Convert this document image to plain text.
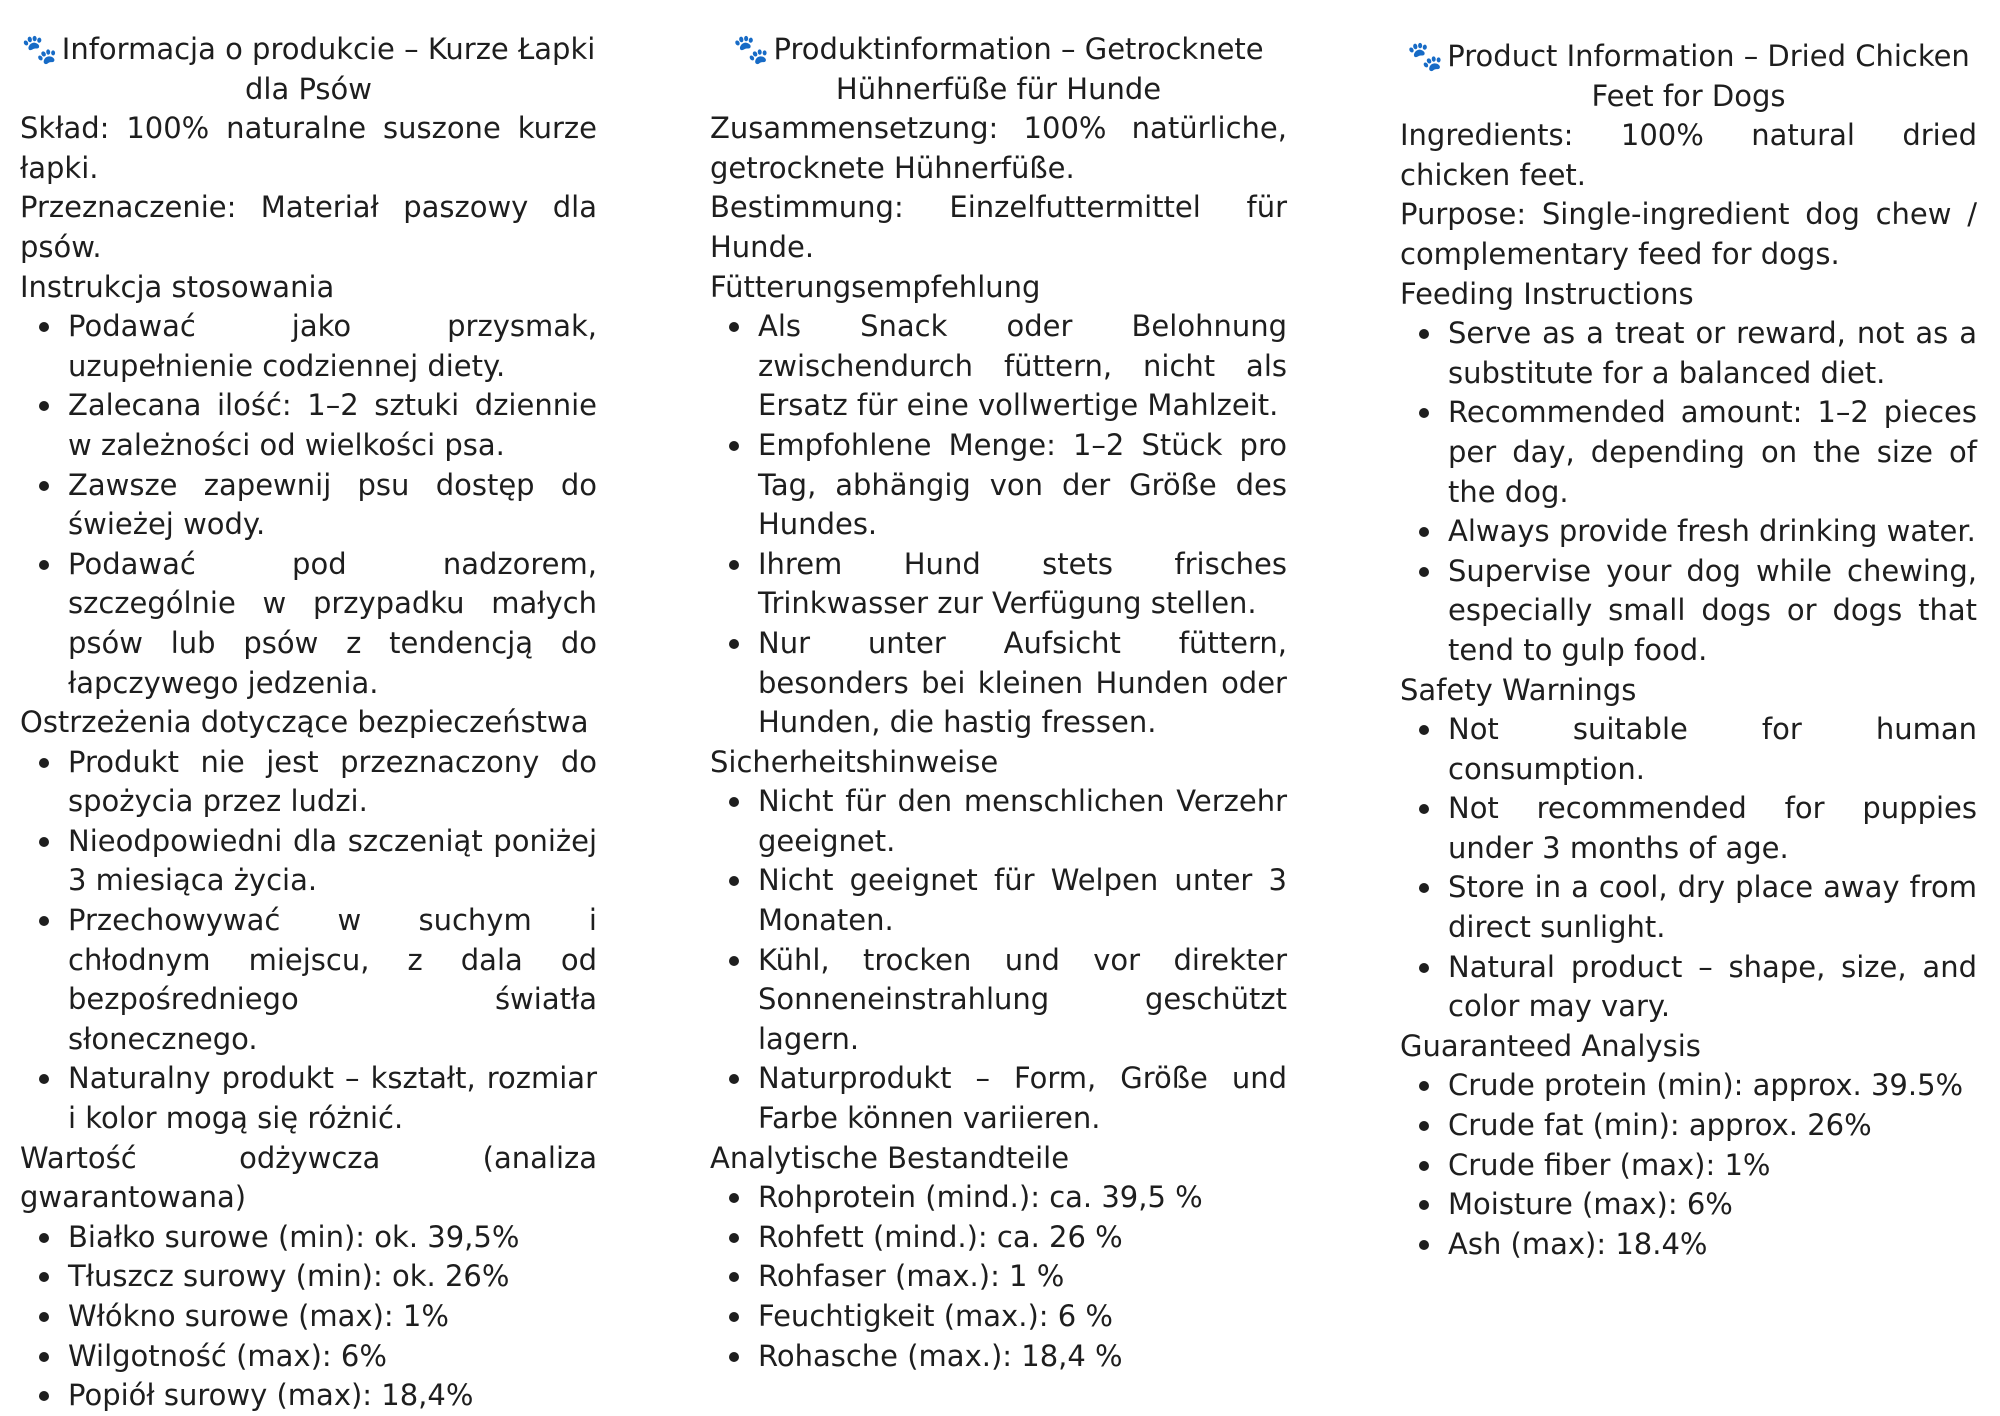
🐾 Informacja o produkcie – Kurze Łapki dla Psów

Skład: 100% naturalne suszone kurze łapki.

Przeznaczenie: Materiał paszowy dla psów.

Instrukcja stosowania

Podawać jako przysmak, uzupełnienie codziennej diety.
Zalecana ilość: 1–2 sztuki dziennie w zależności od wielkości psa.
Zawsze zapewnij psu dostęp do świeżej wody.
Podawać pod nadzorem, szczególnie w przypadku małych psów lub psów z tendencją do łapczywego jedzenia.

Ostrzeżenia dotyczące bezpieczeństwa

Produkt nie jest przeznaczony do spożycia przez ludzi.
Nieodpowiedni dla szczeniąt poniżej 3 miesiąca życia.
Przechowywać w suchym i chłodnym miejscu, z dala od bezpośredniego światła słonecznego.
Naturalny produkt – kształt, rozmiar i kolor mogą się różnić.

Wartość odżywcza (analiza gwarantowana)

Białko surowe (min): ok. 39,5%
Tłuszcz surowy (min): ok. 26%
Włókno surowe (max): 1%
Wilgotność (max): 6%
Popiół surowy (max): 18,4%
🐾 Produktinformation – Getrocknete Hühnerfüße für Hunde

Zusammensetzung: 100% natürliche, getrocknete Hühnerfüße.

Bestimmung: Einzelfuttermittel für Hunde.

Fütterungsempfehlung

Als Snack oder Belohnung zwischendurch füttern, nicht als Ersatz für eine vollwertige Mahlzeit.
Empfohlene Menge: 1–2 Stück pro Tag, abhängig von der Größe des Hundes.
Ihrem Hund stets frisches Trinkwasser zur Verfügung stellen.
Nur unter Aufsicht füttern, besonders bei kleinen Hunden oder Hunden, die hastig fressen.

Sicherheitshinweise

Nicht für den menschlichen Verzehr geeignet.
Nicht geeignet für Welpen unter 3 Monaten.
Kühl, trocken und vor direkter Sonneneinstrahlung geschützt lagern.
Naturprodukt – Form, Größe und Farbe können variieren.

Analytische Bestandteile

Rohprotein (mind.): ca. 39,5 %
Rohfett (mind.): ca. 26 %
Rohfaser (max.): 1 %
Feuchtigkeit (max.): 6 %
Rohasche (max.): 18,4 %
🐾 Product Information – Dried Chicken Feet for Dogs

Ingredients: 100% natural dried chicken feet.

Purpose: Single-ingredient dog chew / complementary feed for dogs.

Feeding Instructions

Serve as a treat or reward, not as a substitute for a balanced diet.
Recommended amount: 1–2 pieces per day, depending on the size of the dog.
Always provide fresh drinking water.
Supervise your dog while chewing, especially small dogs or dogs that tend to gulp food.

Safety Warnings

Not suitable for human consumption.
Not recommended for puppies under 3 months of age.
Store in a cool, dry place away from direct sunlight.
Natural product – shape, size, and color may vary.

Guaranteed Analysis

Crude protein (min): approx. 39.5%
Crude fat (min): approx. 26%
Crude fiber (max): 1%
Moisture (max): 6%
Ash (max): 18.4%
